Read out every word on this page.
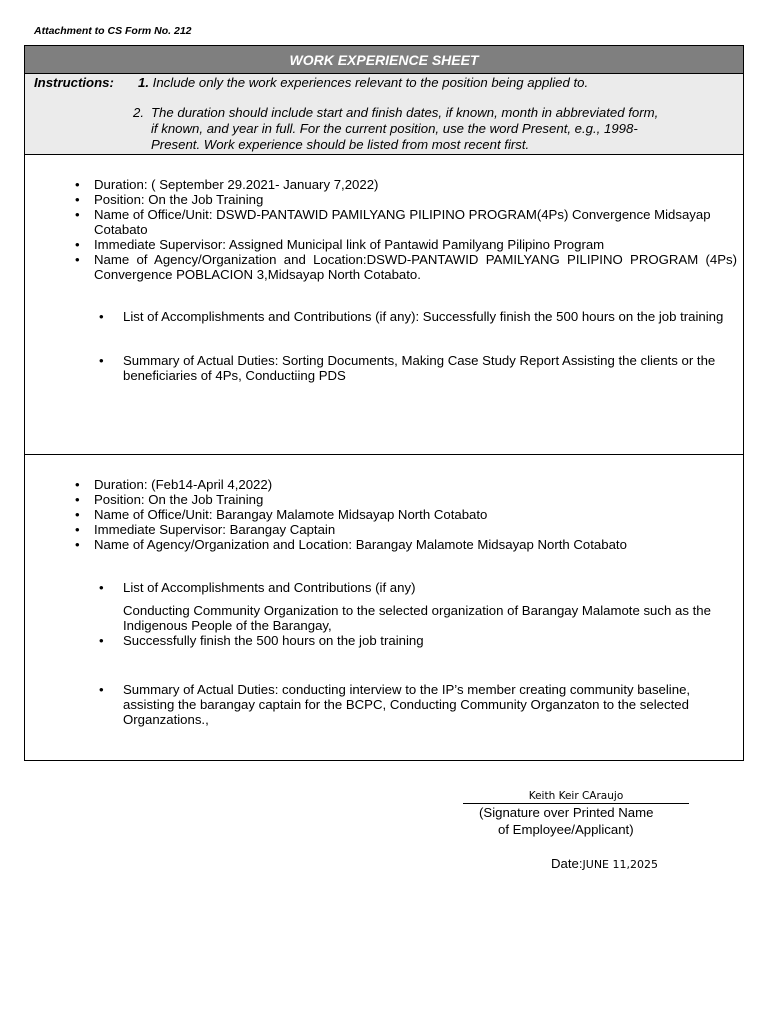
Attachment to CS Form No. 212
WORK EXPERIENCE SHEET
Instructions: 1. Include only the work experiences relevant to the position being applied to.
2. The duration should include start and finish dates, if known, month in abbreviated form,
if known, and year in full. For the current position, use the word Present, e.g., 1998-
Present. Work experience should be listed from most recent first.
• Duration: ( September 29.2021- January 7,2022)
• Position: On the Job Training
• Name of Office/Unit: DSWD-PANTAWID PAMILYANG PILIPINO PROGRAM(4Ps) Convergence Midsayap Cotabato
• Immediate Supervisor: Assigned Municipal link of Pantawid Pamilyang Pilipino Program
• Name of Agency/Organization and Location:DSWD-PANTAWID PAMILYANG PILIPINO PROGRAM (4Ps) Convergence POBLACION 3,Midsayap North Cotabato.
• List of Accomplishments and Contributions (if any): Successfully finish the 500 hours on the job training
• Summary of Actual Duties: Sorting Documents, Making Case Study Report Assisting the clients or the beneficiaries of 4Ps, Conductiing PDS
• Duration: (Feb14-April 4,2022)
• Position: On the Job Training
• Name of Office/Unit: Barangay Malamote Midsayap North Cotabato
• Immediate Supervisor: Barangay Captain
• Name of Agency/Organization and Location: Barangay Malamote Midsayap North Cotabato
• List of Accomplishments and Contributions (if any)
Conducting Community Organization to the selected organization of Barangay Malamote such as the Indigenous People of the Barangay,
• Successfully finish the 500 hours on the job training
• Summary of Actual Duties: conducting interview to the IP’s member creating community baseline, assisting the barangay captain for the BCPC, Conducting Community Organzaton to the selected Organzations.,
Keith Keir CAraujo
(Signature over Printed Name
of Employee/Applicant)
Date:JUNE 11,2025
